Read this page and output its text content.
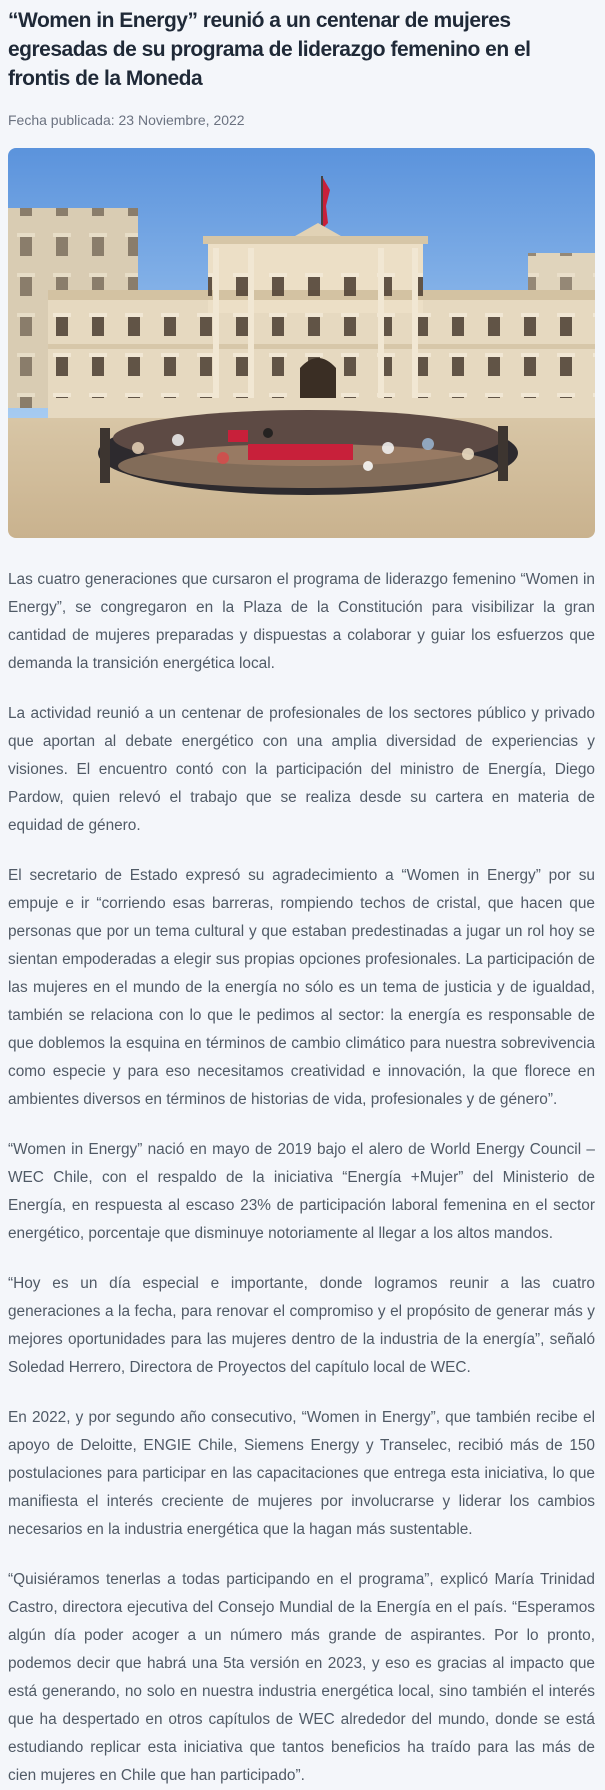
“Women in Energy” reunió a un centenar de mujeres egresadas de su programa de liderazgo femenino en el frontis de la Moneda

Fecha publicada: 23 Noviembre, 2022

Las cuatro generaciones que cursaron el programa de liderazgo femenino “Women in Energy”, se congregaron en la Plaza de la Constitución para visibilizar la gran cantidad de mujeres preparadas y dispuestas a colaborar y guiar los esfuerzos que demanda la transición energética local.

La actividad reunió a un centenar de profesionales de los sectores público y privado que aportan al debate energético con una amplia diversidad de experiencias y visiones. El encuentro contó con la participación del ministro de Energía, Diego Pardow, quien relevó el trabajo que se realiza desde su cartera en materia de equidad de género.

El secretario de Estado expresó su agradecimiento a “Women in Energy” por su empuje e ir “corriendo esas barreras, rompiendo techos de cristal, que hacen que personas que por un tema cultural y que estaban predestinadas a jugar un rol hoy se sientan empoderadas a elegir sus propias opciones profesionales. La participación de las mujeres en el mundo de la energía no sólo es un tema de justicia y de igualdad, también se relaciona con lo que le pedimos al sector: la energía es responsable de que doblemos la esquina en términos de cambio climático para nuestra sobrevivencia como especie y para eso necesitamos creatividad e innovación, la que florece en ambientes diversos en términos de historias de vida, profesionales y de género”.

“Women in Energy” nació en mayo de 2019 bajo el alero de World Energy Council – WEC Chile, con el respaldo de la iniciativa “Energía +Mujer” del Ministerio de Energía, en respuesta al escaso 23% de participación laboral femenina en el sector energético, porcentaje que disminuye notoriamente al llegar a los altos mandos.

“Hoy es un día especial e importante, donde logramos reunir a las cuatro generaciones a la fecha, para renovar el compromiso y el propósito de generar más y mejores oportunidades para las mujeres dentro de la industria de la energía”, señaló Soledad Herrero, Directora de Proyectos del capítulo local de WEC.

En 2022, y por segundo año consecutivo, “Women in Energy”, que también recibe el apoyo de Deloitte, ENGIE Chile, Siemens Energy y Transelec, recibió más de 150 postulaciones para participar en las capacitaciones que entrega esta iniciativa, lo que manifiesta el interés creciente de mujeres por involucrarse y liderar los cambios necesarios en la industria energética que la hagan más sustentable.

“Quisiéramos tenerlas a todas participando en el programa”, explicó María Trinidad Castro, directora ejecutiva del Consejo Mundial de la Energía en el país. “Esperamos algún día poder acoger a un número más grande de aspirantes. Por lo pronto, podemos decir que habrá una 5ta versión en 2023, y eso es gracias al impacto que está generando, no solo en nuestra industria energética local, sino también el interés que ha despertado en otros capítulos de WEC alrededor del mundo, donde se está estudiando replicar esta iniciativa que tantos beneficios ha traído para las más de cien mujeres en Chile que han participado”.
